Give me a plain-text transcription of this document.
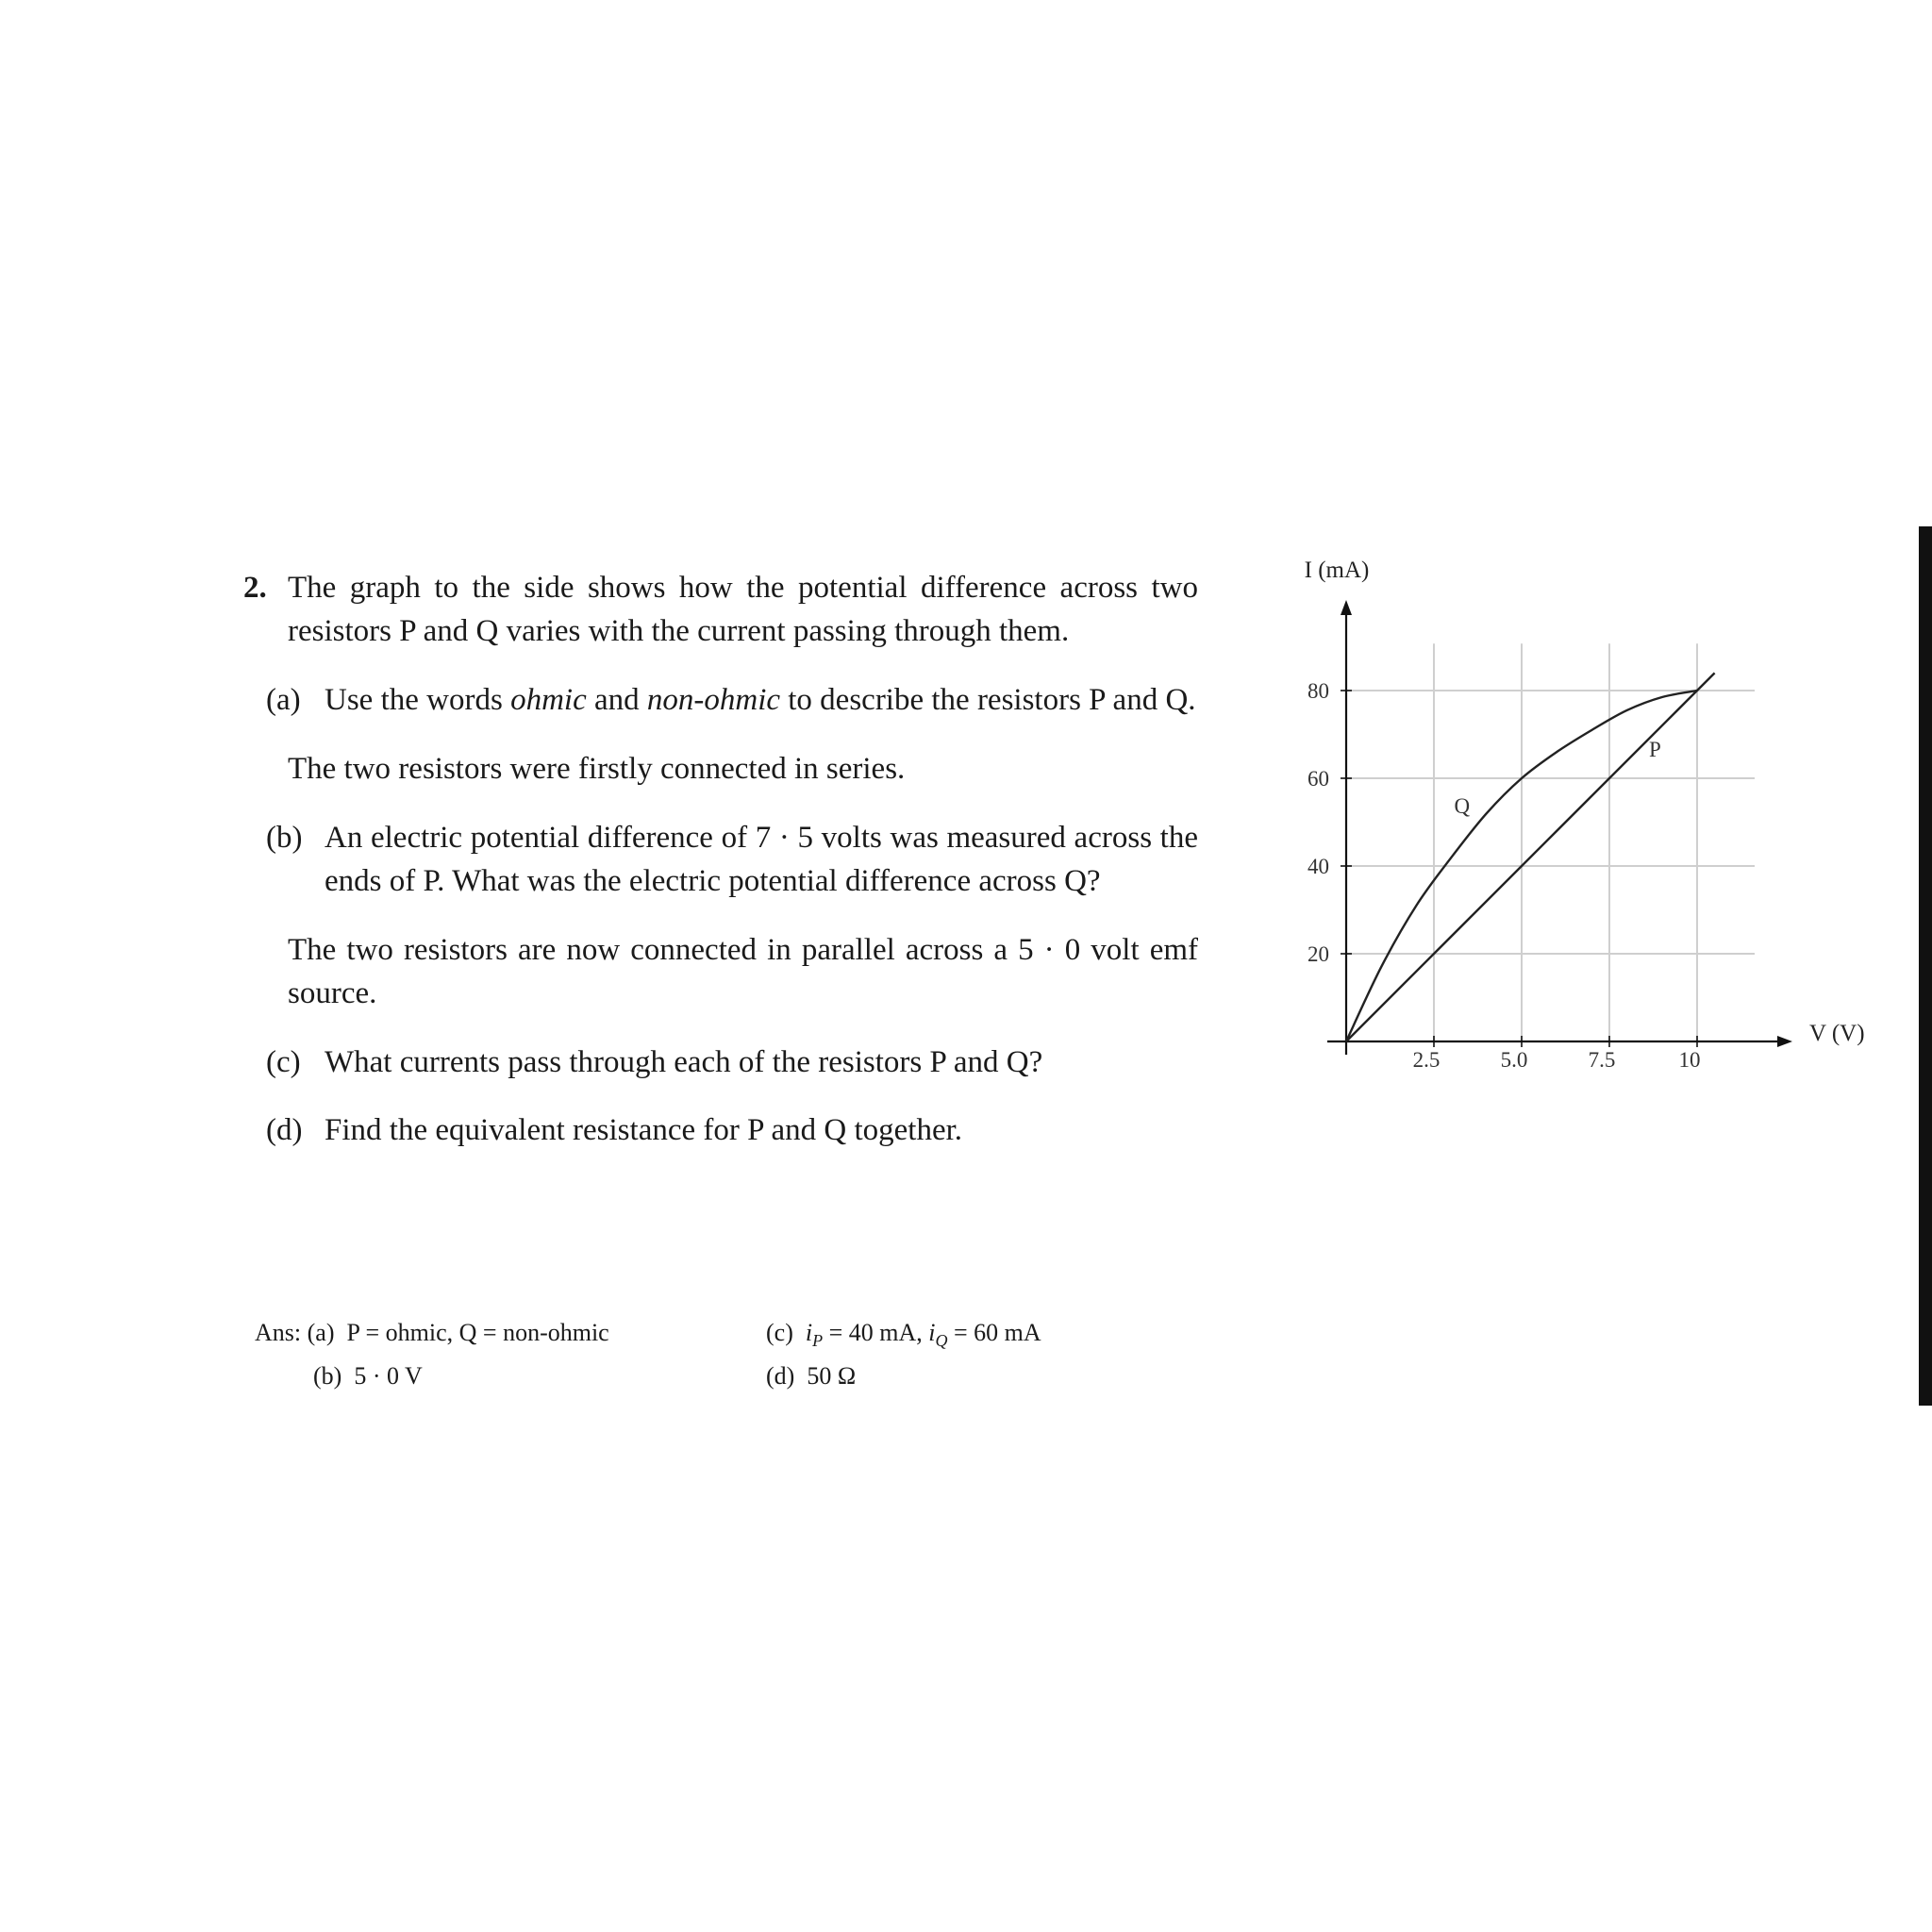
2. The graph to the side shows how the potential difference across two resistors P and Q varies with the current passing through them.
(a) Use the words ohmic and non-ohmic to describe the resistors P and Q.
The two resistors were firstly connected in series.
(b) An electric potential difference of 7 · 5 volts was measured across the ends of P. What was the electric potential difference across Q?
The two resistors are now connected in parallel across a 5 · 0 volt emf source.
(c) What currents pass through each of the resistors P and Q?
(d) Find the equivalent resistance for P and Q together.
Ans: (a) P = ohmic, Q = non-ohmic
(b) 5 · 0 V
(c) $i_P = 40$ mA, $i_Q = 60$ mA
(d) 50 Ω
2.5	5.0	7.5	10
20
40
60
80
V (V)
I (mA)
P
Q
